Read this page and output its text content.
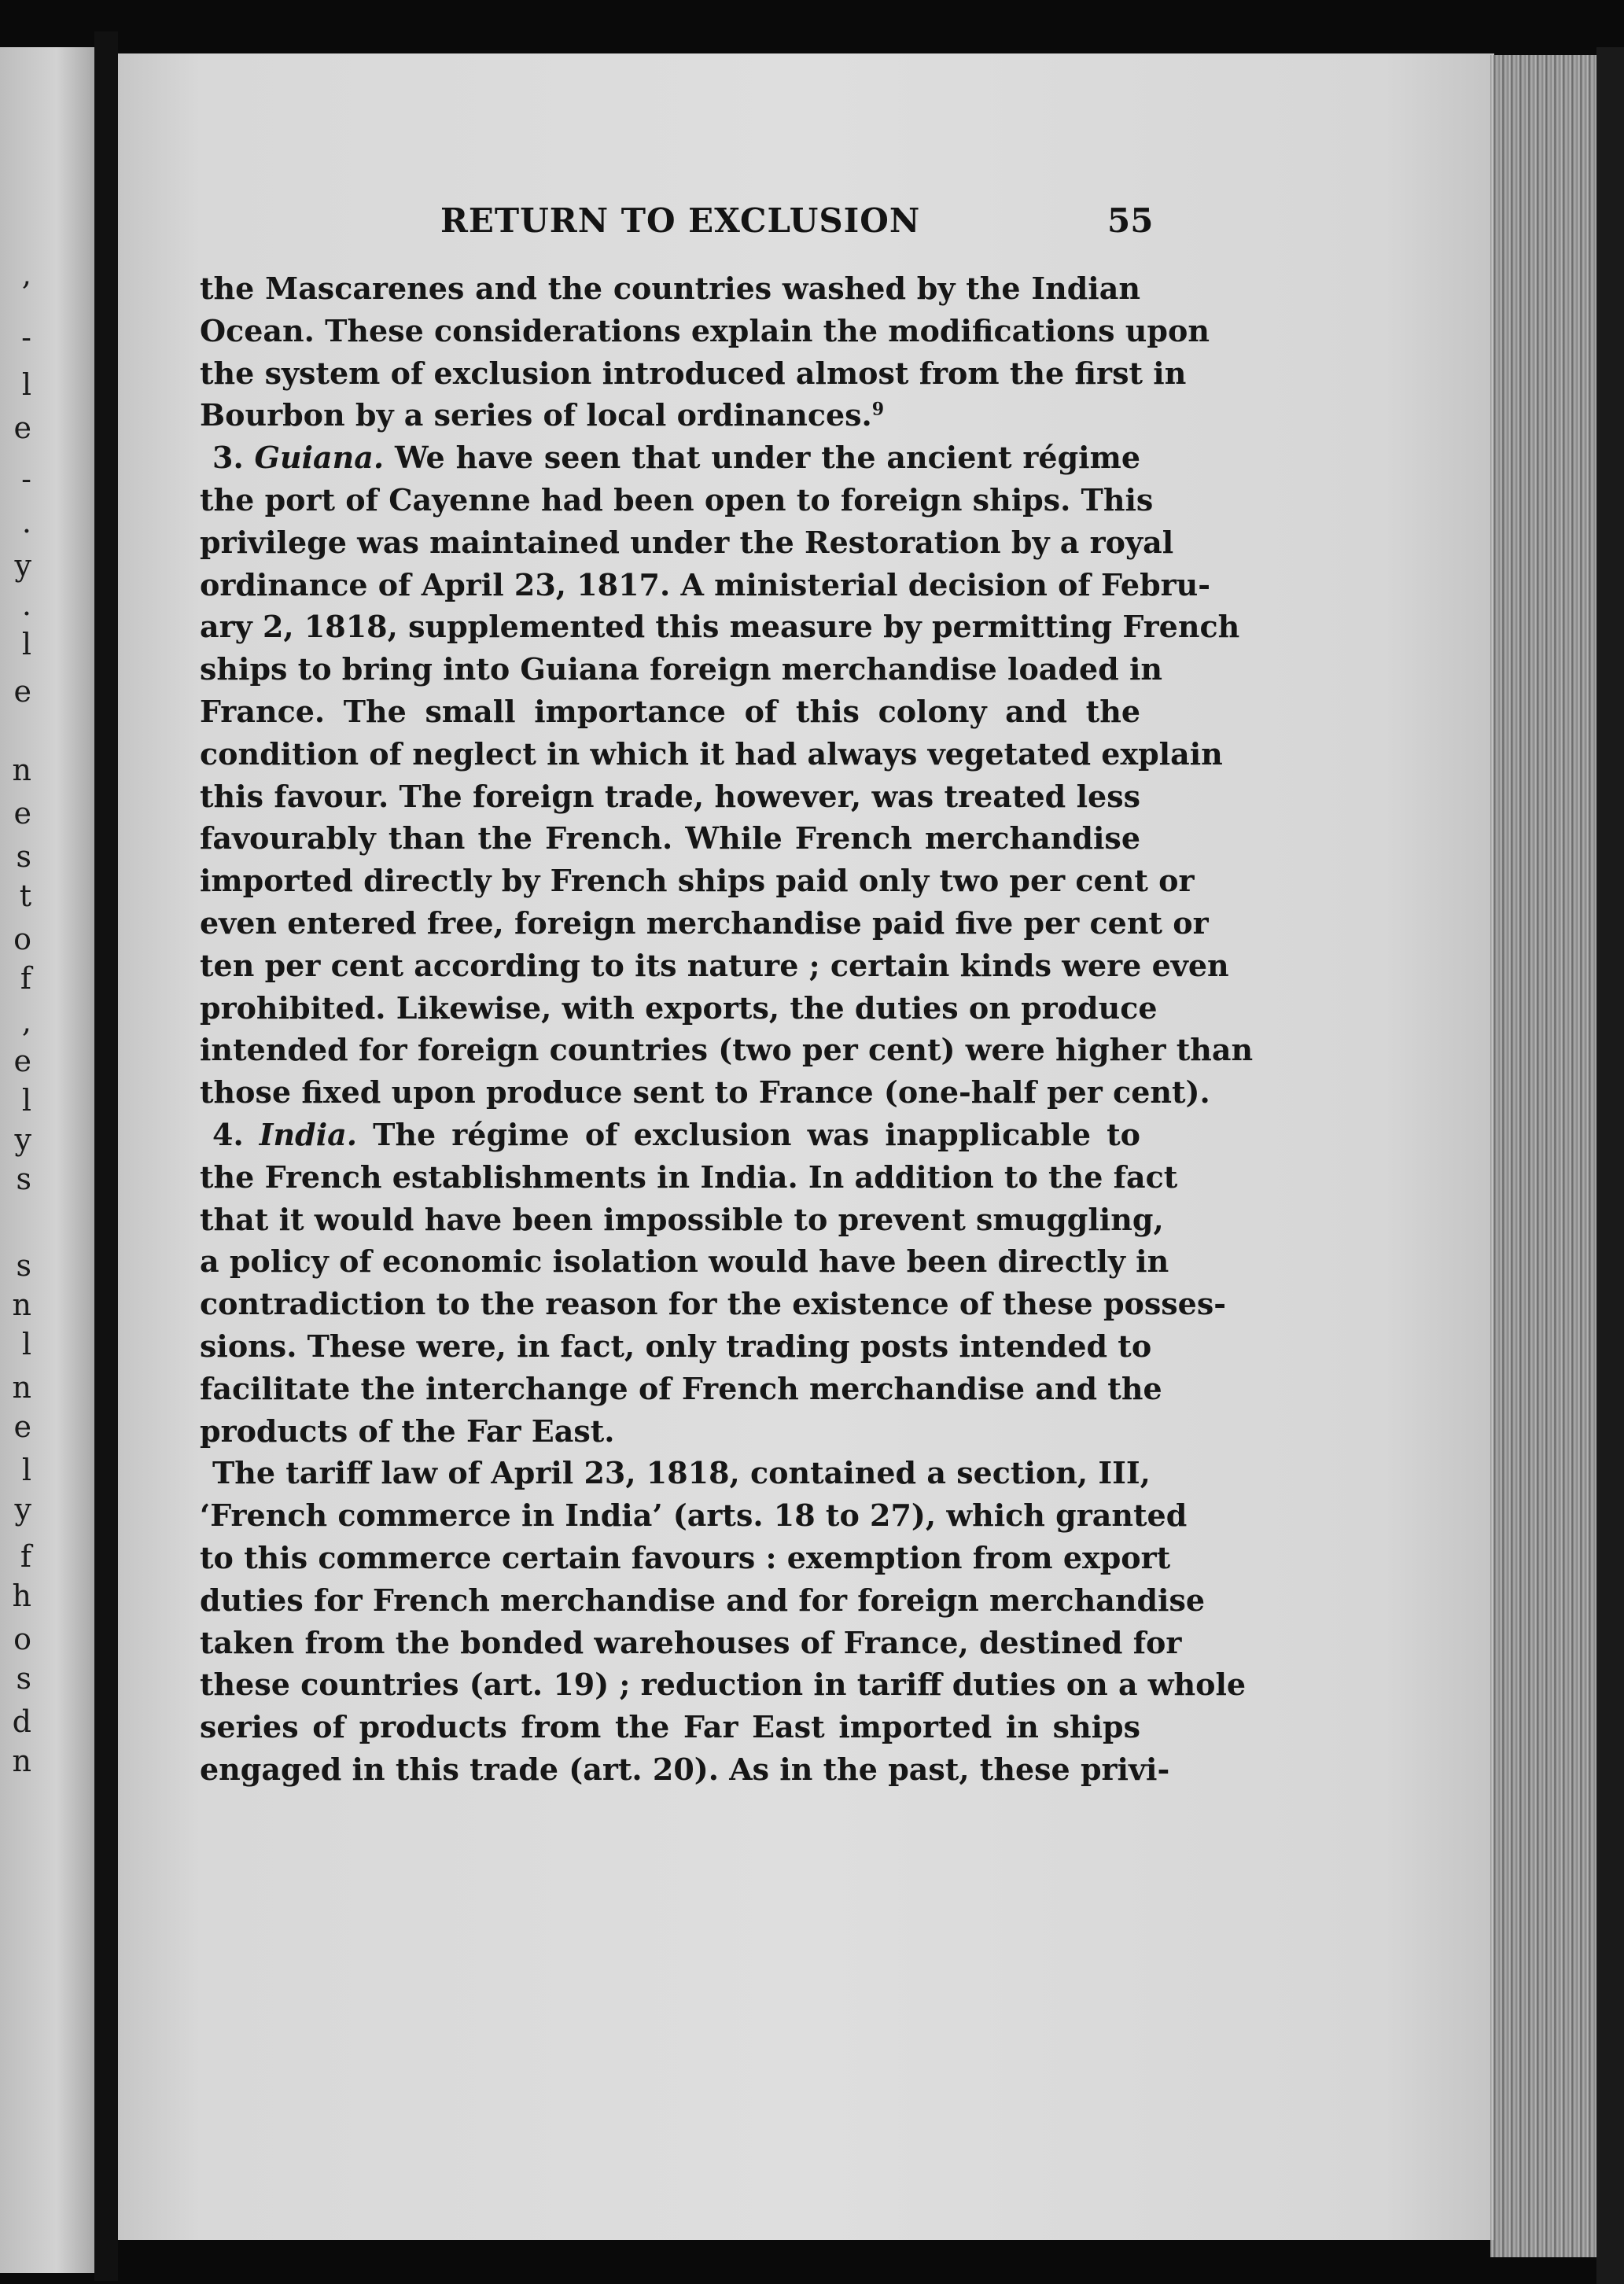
,
-
l
e
-
.
y
.
l
e
n
e
s
t
o
f
,
e
l
y
s
s
n
l
n
e
l
y
f
h
o
s
d
n
RETURN TO EXCLUSION	55
the Mascarenes and the countries washed by the Indian
Ocean. These considerations explain the modifications upon
the system of exclusion introduced almost from the first in
Bourbon by a series of local ordinances.$^9$
3. Guiana. We have seen that under the ancient régime
the port of Cayenne had been open to foreign ships. This
privilege was maintained under the Restoration by a royal
ordinance of April 23, 1817. A ministerial decision of Febru-
ary 2, 1818, supplemented this measure by permitting French
ships to bring into Guiana foreign merchandise loaded in
France. The small importance of this colony and the
condition of neglect in which it had always vegetated explain
this favour. The foreign trade, however, was treated less
favourably than the French. While French merchandise
imported directly by French ships paid only two per cent or
even entered free, foreign merchandise paid five per cent or
ten per cent according to its nature ; certain kinds were even
prohibited. Likewise, with exports, the duties on produce
intended for foreign countries (two per cent) were higher than
those fixed upon produce sent to France (one-half per cent).
4. India. The régime of exclusion was inapplicable to
the French establishments in India. In addition to the fact
that it would have been impossible to prevent smuggling,
a policy of economic isolation would have been directly in
contradiction to the reason for the existence of these posses-
sions. These were, in fact, only trading posts intended to
facilitate the interchange of French merchandise and the
products of the Far East.
The tariff law of April 23, 1818, contained a section, III,
‘French commerce in India’ (arts. 18 to 27), which granted
to this commerce certain favours : exemption from export
duties for French merchandise and for foreign merchandise
taken from the bonded warehouses of France, destined for
these countries (art. 19) ; reduction in tariff duties on a whole
series of products from the Far East imported in ships
engaged in this trade (art. 20). As in the past, these privi-
